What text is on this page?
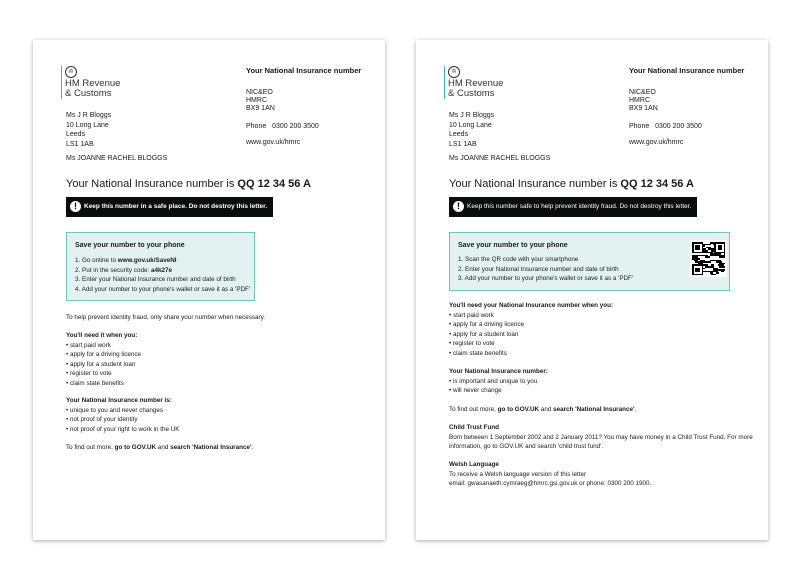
♔
HM Revenue
& Customs
Ms J R Bloggs
10 Long Lane
Leeds
LS1 1AB
Your National Insurance number
NIC&EO
HMRC
BX9 1AN
Phone 0300 200 3500
www.gov.uk/hmrc
Ms JOANNE RACHEL BLOGGS
Your National Insurance number is QQ 12 34 56 A
!	Keep this number in a safe place. Do not destroy this letter.
Save your number to your phone
1. Go online to www.gov.uk/SaveNI
2. Put in the security code: a4k27e
3. Enter your National Insurance number and date of birth
4. Add your number to your phone's wallet or save it as a 'PDF'
To help prevent identity fraud, only share your number when necessary.
You'll need it when you:
• start paid work
• apply for a driving licence
• apply for a student loan
• register to vote
• claim state benefits
Your National Insurance number is:
• unique to you and never changes
• not proof of your identity
• not proof of your right to work in the UK
To find out more, go to GOV.UK and search 'National Insurance'.
♔
HM Revenue
& Customs
Ms J R Bloggs
10 Long Lane
Leeds
LS1 1AB
Your National Insurance number
NIC&EO
HMRC
BX9 1AN
Phone 0300 200 3500
www.gov.uk/hmrc
Ms JOANNE RACHEL BLOGGS
Your National Insurance number is QQ 12 34 56 A
!	Keep this number safe to help prevent identity fraud. Do not destroy this letter.
Save your number to your phone
1. Scan the QR code with your smartphone
2. Enter your National Insurance number and date of birth
3. Add your number to your phone's wallet or save it as a 'PDF'
You'll need your National Insurance number when you:
• start paid work
• apply for a driving licence
• apply for a student loan
• register to vote
• claim state benefits
Your National Insurance number:
• is important and unique to you
• will never change
To find out more, go to GOV.UK and search 'National Insurance'.
Child Trust Fund
Born between 1 September 2002 and 2 January 2011? You may have money in a Child Trust Fund. For more
information, go to GOV.UK and search 'child trust fund'.
Welsh Language
To receive a Welsh language version of this letter
email: gwasanaeth.cymraeg@hmrc.gsi.gov.uk or phone: 0300 200 1900.
